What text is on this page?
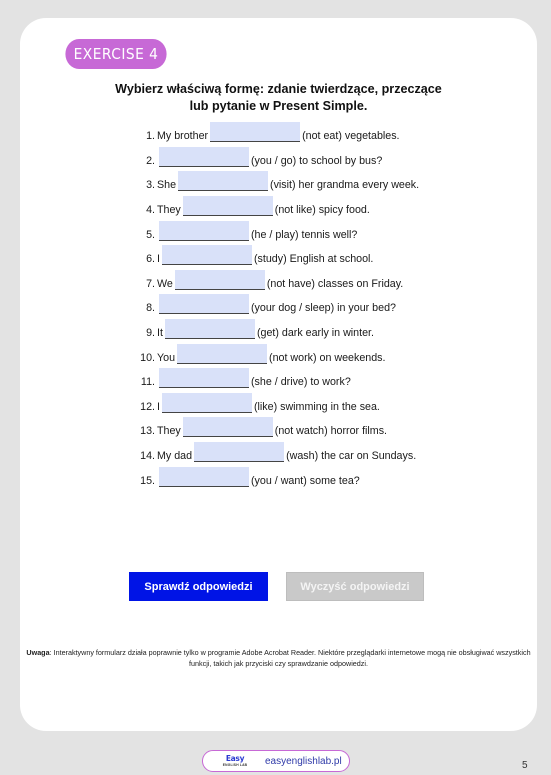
EXERCISE 4
Wybierz właściwą formę: zdanie twierdzące, przeczące
lub pytanie w Present Simple.
1. My brother	(not eat) vegetables.
2.	(you / go) to school by bus?
3. She	(visit) her grandma every week.
4. They	(not like) spicy food.
5.	(he / play) tennis well?
6. I	(study) English at school.
7. We	(not have) classes on Friday.
8.	(your dog / sleep) in your bed?
9. It	(get) dark early in winter.
10. You	(not work) on weekends.
11.	(she / drive) to work?
12. I	(like) swimming in the sea.
13. They	(not watch) horror films.
14. My dad	(wash) the car on Sundays.
15.	(you / want) some tea?
Sprawdź odpowiedzi	Wyczyść odpowiedzi

Uwaga: Interaktywny formularz działa poprawnie tylko w programie Adobe Acrobat Reader. Niektóre przeglądarki internetowe mogą nie obsługiwać wszystkich funkcji, takich jak przyciski czy sprawdzanie odpowiedzi.

Easy
ENGLISH LAB easyenglishlab.pl	5
